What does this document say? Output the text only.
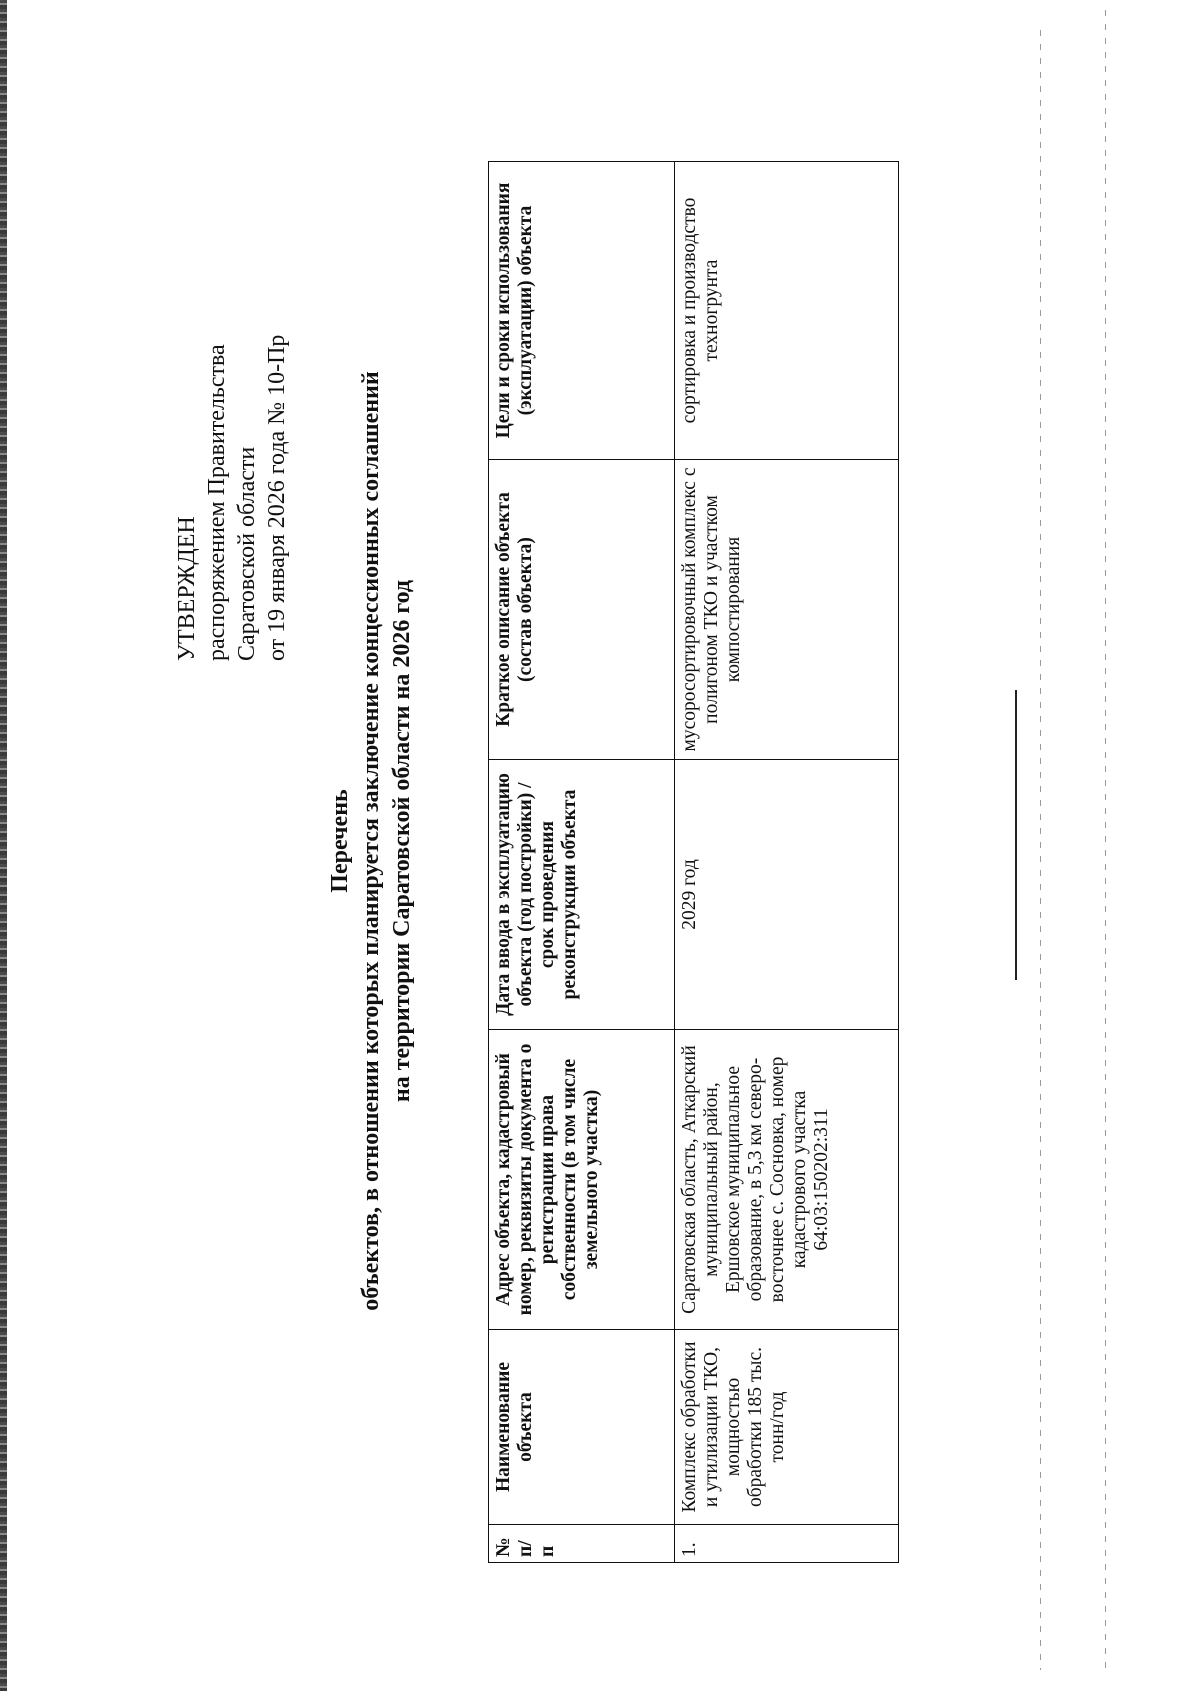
УТВЕРЖДЕН распоряжением Правительства Саратовской области от 19 января 2026 года № 10-Пр
Перечень объектов, в отношении которых планируется заключение концессионных соглашений на территории Саратовской области на 2026 год
№ п/п	Наименование объекта	Адрес объекта, кадастровый номер, реквизиты документа о регистрации права собственности (в том числе земельного участка)	Дата ввода в эксплуатацию объекта (год постройки) / срок проведения реконструкции объекта	Краткое описание объекта (состав объекта)	Цели и сроки использования (эксплуатации) объекта
1.	Комплекс обработки и утилизации ТКО, мощностью обработки 185 тыс. тонн/год	Саратовская область, Аткарский муниципальный район, Ершовское муниципальное образование, в 5,3 км северо-восточнее с. Сосновка, номер кадастрового участка 64:03:150202:311	2029 год	мусоросортировочный комплекс с полигоном ТКО и участком компостирования	сортировка и производство техногрунта
